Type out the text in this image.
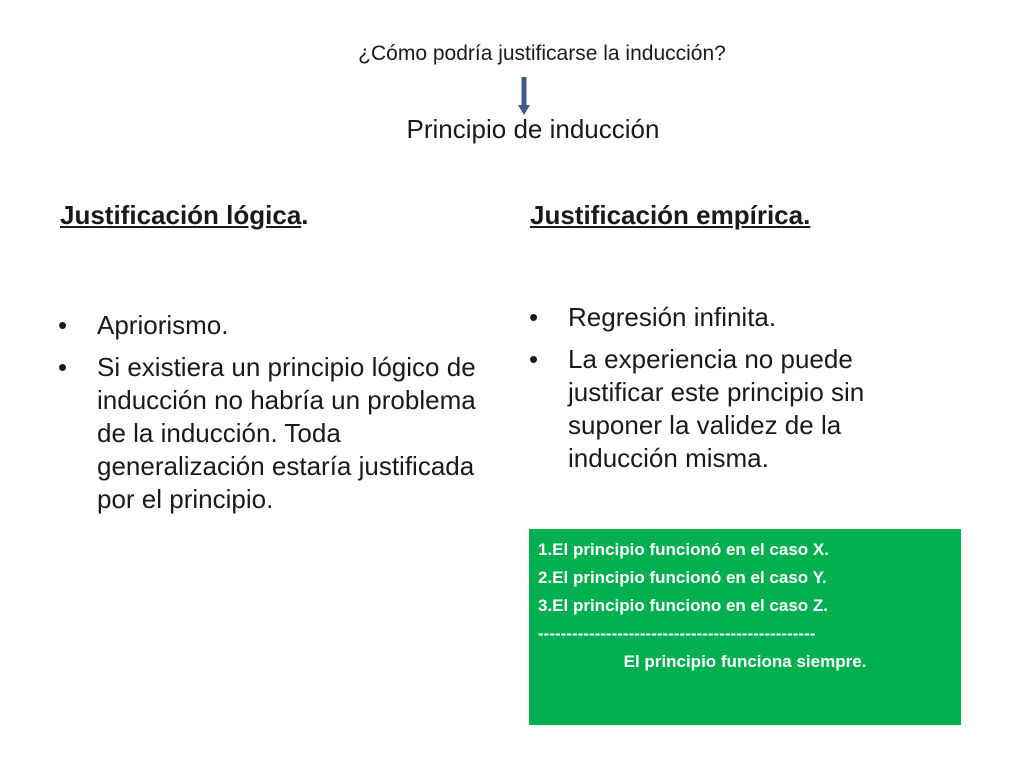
¿Cómo podría justificarse la inducción?
Principio de inducción
Justificación lógica.	Justificación empírica.
• Apriorismo.
• Si existiera un principio lógico de inducción no habría un problema de la inducción. Toda generalización estaría justificada por el principio.
• Regresión infinita.
• La experiencia no puede justificar este principio sin suponer la validez de la inducción misma.
1.El principio funcionó en el caso X.
2.El principio funcionó en el caso Y.
3.El principio funciono en el caso Z.
-------------------------------------------------
El principio funciona siempre.
